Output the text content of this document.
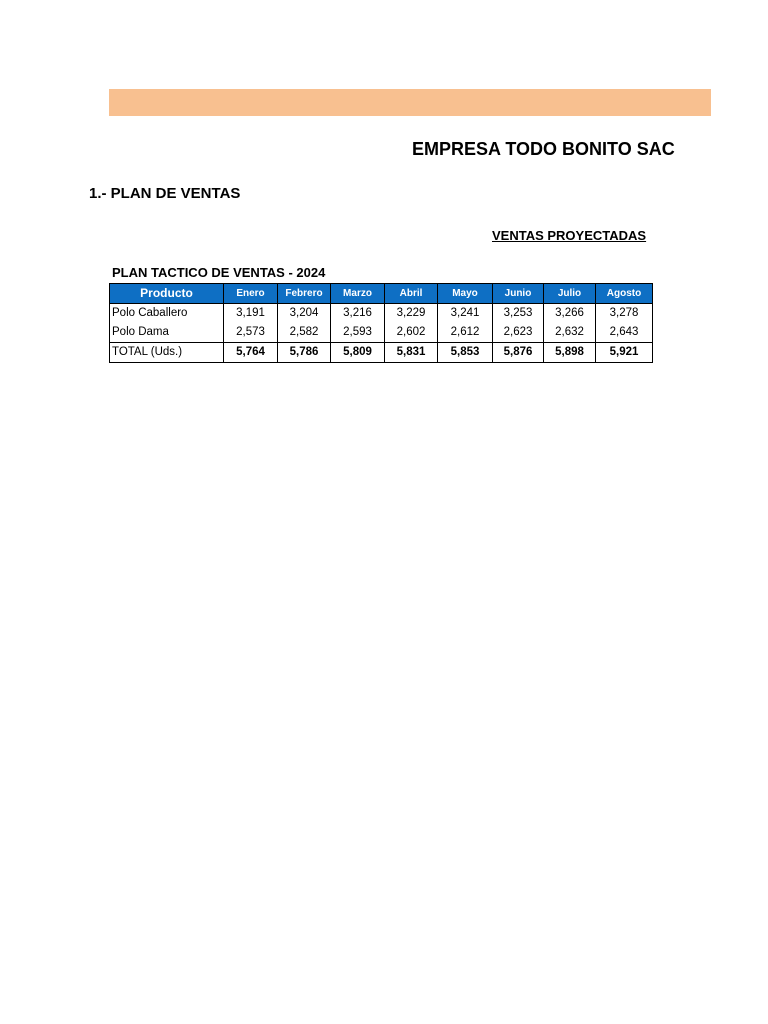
EMPRESA TODO BONITO SAC
1.- PLAN DE VENTAS
VENTAS PROYECTADAS
PLAN TACTICO DE VENTAS - 2024
Producto	Enero	Febrero	Marzo	Abril	Mayo	Junio	Julio	Agosto
Polo Caballero	3,191	3,204	3,216	3,229	3,241	3,253	3,266	3,278
Polo Dama	2,573	2,582	2,593	2,602	2,612	2,623	2,632	2,643
TOTAL (Uds.)	5,764	5,786	5,809	5,831	5,853	5,876	5,898	5,921
